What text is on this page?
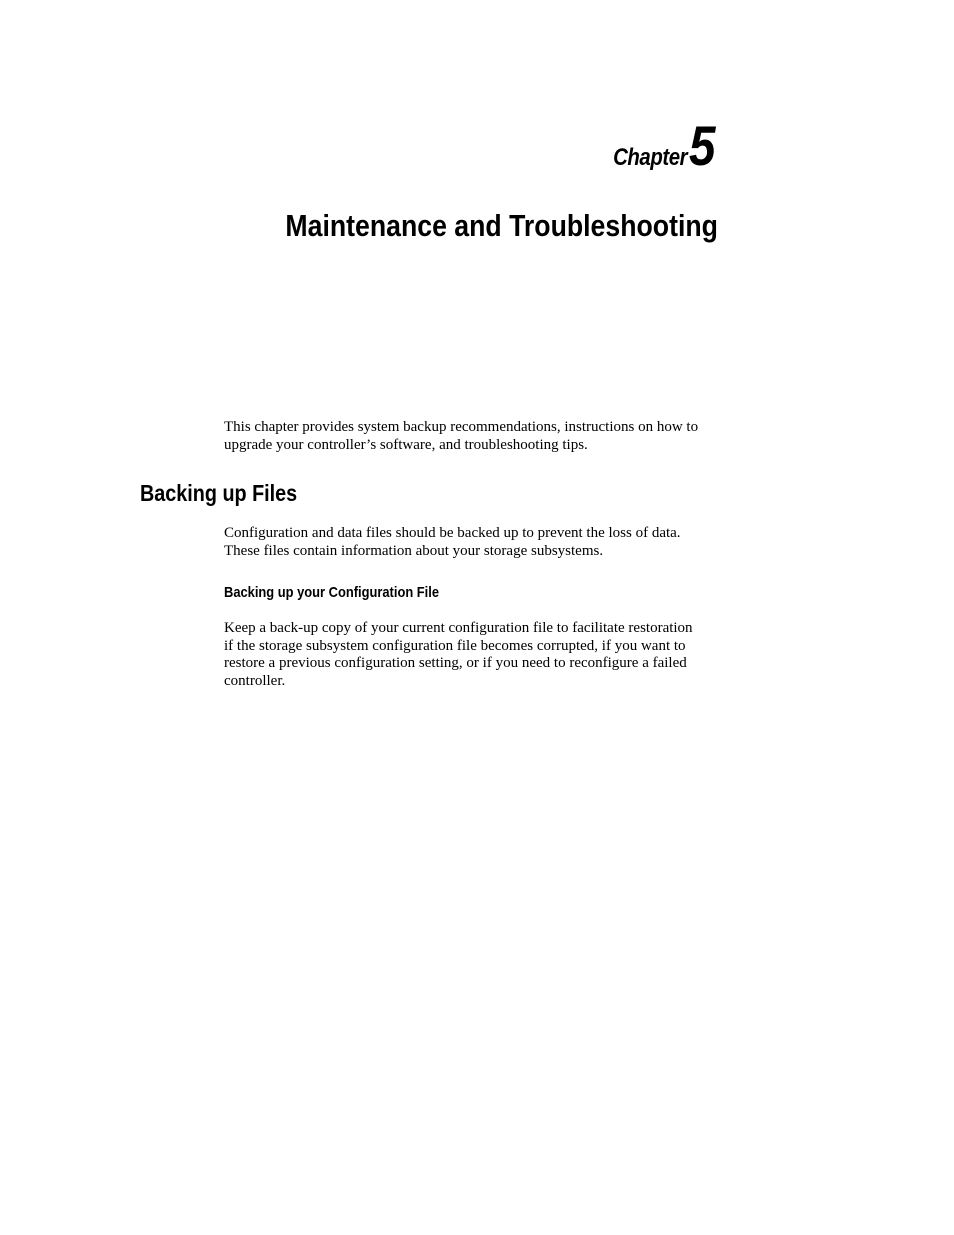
Chapter 5
Maintenance and Troubleshooting
This chapter provides system backup recommendations, instructions on how to
upgrade your controller’s software, and troubleshooting tips.
Backing up Files
Configuration and data files should be backed up to prevent the loss of data.
These files contain information about your storage subsystems.
Backing up your Configuration File
Keep a back-up copy of your current configuration file to facilitate restoration
if the storage subsystem configuration file becomes corrupted, if you want to
restore a previous configuration setting, or if you need to reconfigure a failed
controller.
